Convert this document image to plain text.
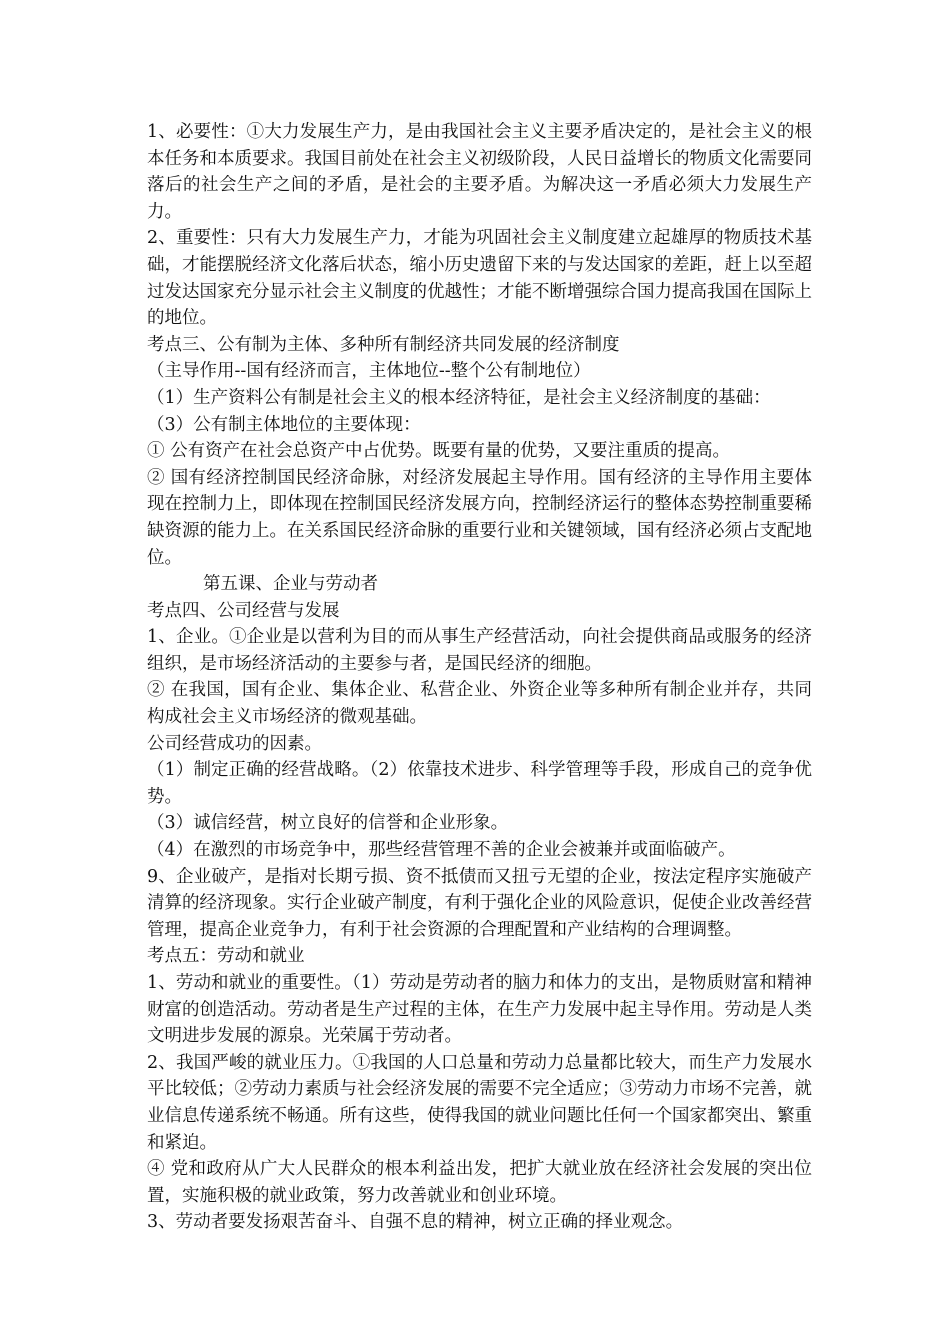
1、必要性：①大力发展生产力，是由我国社会主义主要矛盾决定的，是社会主义的根本任务和本质要求。我国目前处在社会主义初级阶段，人民日益增长的物质文化需要同落后的社会生产之间的矛盾，是社会的主要矛盾。为解决这一矛盾必须大力发展生产力。

2、重要性：只有大力发展生产力，才能为巩固社会主义制度建立起雄厚的物质技术基础，才能摆脱经济文化落后状态，缩小历史遗留下来的与发达国家的差距，赶上以至超过发达国家充分显示社会主义制度的优越性；才能不断增强综合国力提高我国在国际上的地位。

考点三、公有制为主体、多种所有制经济共同发展的经济制度

（主导作用--国有经济而言，主体地位--整个公有制地位）

（1）生产资料公有制是社会主义的根本经济特征，是社会主义经济制度的基础：

（3）公有制主体地位的主要体现：

① 公有资产在社会总资产中占优势。既要有量的优势，又要注重质的提高。

② 国有经济控制国民经济命脉，对经济发展起主导作用。国有经济的主导作用主要体现在控制力上，即体现在控制国民经济发展方向，控制经济运行的整体态势控制重要稀缺资源的能力上。在关系国民经济命脉的重要行业和关键领域，国有经济必须占支配地位。

第五课、企业与劳动者

考点四、公司经营与发展

1、企业。①企业是以营利为目的而从事生产经营活动，向社会提供商品或服务的经济组织，是市场经济活动的主要参与者，是国民经济的细胞。

② 在我国，国有企业、集体企业、私营企业、外资企业等多种所有制企业并存，共同构成社会主义市场经济的微观基础。

公司经营成功的因素。

（1）制定正确的经营战略。（2）依靠技术进步、科学管理等手段，形成自己的竞争优势。

（3）诚信经营，树立良好的信誉和企业形象。

（4）在激烈的市场竞争中，那些经营管理不善的企业会被兼并或面临破产。

9、企业破产，是指对长期亏损、资不抵债而又扭亏无望的企业，按法定程序实施破产清算的经济现象。实行企业破产制度，有利于强化企业的风险意识，促使企业改善经营管理，提高企业竞争力，有利于社会资源的合理配置和产业结构的合理调整。

考点五：劳动和就业

1、劳动和就业的重要性。（1）劳动是劳动者的脑力和体力的支出，是物质财富和精神财富的创造活动。劳动者是生产过程的主体，在生产力发展中起主导作用。劳动是人类文明进步发展的源泉。光荣属于劳动者。

2、我国严峻的就业压力。①我国的人口总量和劳动力总量都比较大，而生产力发展水平比较低；②劳动力素质与社会经济发展的需要不完全适应；③劳动力市场不完善，就业信息传递系统不畅通。所有这些，使得我国的就业问题比任何一个国家都突出、繁重和紧迫。

④ 党和政府从广大人民群众的根本利益出发，把扩大就业放在经济社会发展的突出位置，实施积极的就业政策，努力改善就业和创业环境。

3、劳动者要发扬艰苦奋斗、自强不息的精神，树立正确的择业观念。
